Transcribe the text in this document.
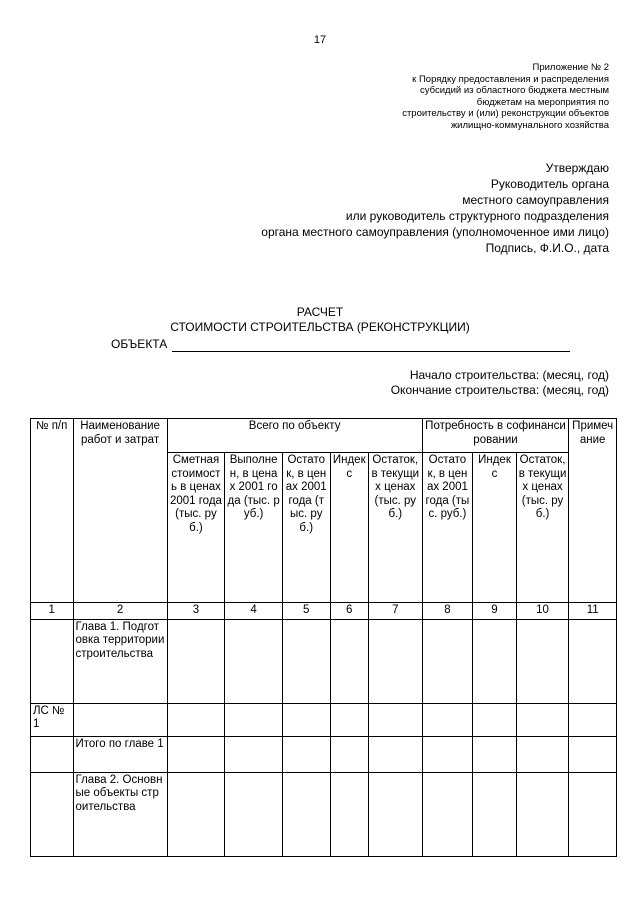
17
Приложение № 2
к Порядку предоставления и распределения
субсидий из областного бюджета местным
бюджетам на мероприятия по
строительству и (или) реконструкции объектов
жилищно-коммунального хозяйства
Утверждаю
Руководитель органа
местного самоуправления
или руководитель структурного подразделения
органа местного самоуправления (уполномоченное ими лицо)
Подпись, Ф.И.О., дата
РАСЧЕТ
СТОИМОСТИ СТРОИТЕЛЬСТВА (РЕКОНСТРУКЦИИ)
ОБЪЕКТА
Начало строительства: (месяц, год)
Окончание строительства: (месяц, год)
№ п/п	Наименование работ и затрат	Всего по объекту					Потребность в софинансировании			Примечание
		Сметная стоимость в ценах 2001 года (тыс. руб.)	Выполнен, в ценах 2001 года (тыс. руб.)	Остаток, в ценах 2001 года (тыс. руб.)	Индекс	Остаток, в текущих ценах (тыс. руб.)	Остаток, в ценах 2001 года (тыс. руб.)	Индекс	Остаток, в текущих ценах (тыс. руб.)	
1	2	3	4	5	6	7	8	9	10	11
	Глава 1. Подготовка территории строительства									
ЛС № 1										
	Итого по главе 1									
	Глава 2. Основные объекты строительства									
